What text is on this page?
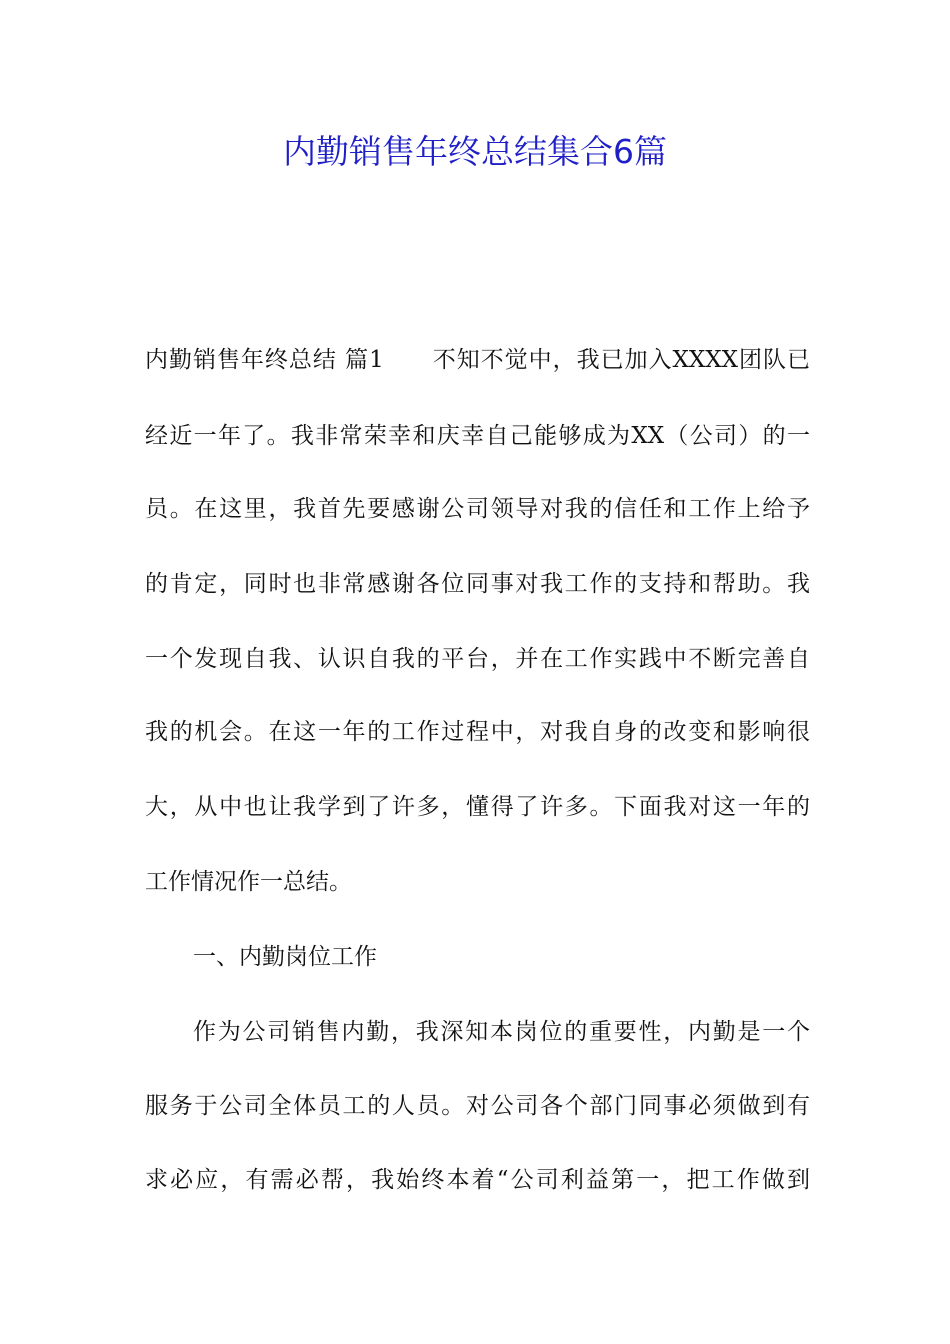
内勤销售年终总结集合6篇
内勤销售年终总结 篇1　　不知不觉中，我已加入XXXX团队已
经近一年了。我非常荣幸和庆幸自己能够成为XX（公司）的一
员。在这里，我首先要感谢公司领导对我的信任和工作上给予
的肯定，同时也非常感谢各位同事对我工作的支持和帮助。我
一个发现自我、认识自我的平台，并在工作实践中不断完善自
我的机会。在这一年的工作过程中，对我自身的改变和影响很
大，从中也让我学到了许多，懂得了许多。下面我对这一年的
工作情况作一总结。
一、内勤岗位工作
作为公司销售内勤，我深知本岗位的重要性，内勤是一个
服务于公司全体员工的人员。对公司各个部门同事必须做到有
求必应，有需必帮，我始终本着“公司利益第一，把工作做到
